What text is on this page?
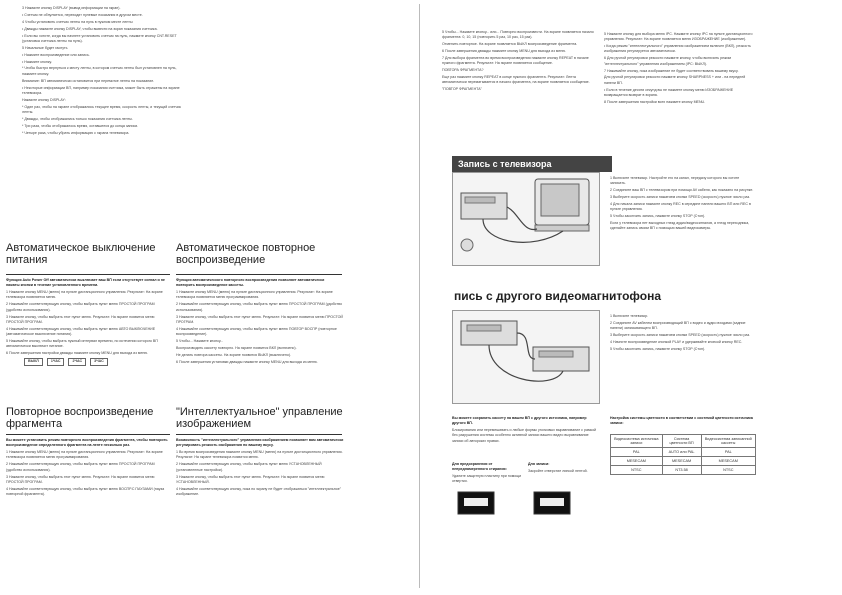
3 Нажмите кнопку DISPLAY (вывод информации на экран).

• Счетчик не обнуляется, переходит нулевые показания в другом месте.

4 Чтобы установить счетчик ленты на нуль в нужном месте ленты

• Дважды нажмите кнопку DISPLAY, чтобы вывести на экран показания счетчика.

• Если вы хотите, когда вы начнете установить счетчик на нуль, нажмите кнопку CNT.RESET (установка счетчика ленты на нуль).

5 Начальные будет гаснуть

• Нажмите воспроизведение или запись.

• Нажмите кнопку.

* Чтобы быстро вернуться к месту ленты, в котором счетчик ленты был установлен на нуль, нажмите кнопку.

Внимание: ВП автоматически остановится при перемотке ленты на показание.

• Некоторые информации ВП, например показания счетчика, может быть отражены на экране телевизора.

Нажмите кнопку DISPLAY:

* Один раз, чтобы на экране отображались текущее время, скорость ленты, и текущий счетчик ленты.

* Дважды, чтобы отображались только показания счетчика ленты.

* Три раза, чтобы отображалось время, оставшееся до конца записи.

* Четыре раза, чтобы убрать информацию с экрана телевизора.

Автоматическое выключение питания

Функция Auto Power Off автоматически выключает ваш ВП если отсутствует сигнал и не нажаты кнопки в течение установленного времени.

1 Нажмите кнопку MENU (меню) на пульте дистанционного управления. Результат: На экране телевизора появляется меню.

2 Нажимайте соответствующую кнопку, чтобы выбрать пункт меню ПРОСТОЙ ПРОГРАМ (удобство использования).

3 Нажмите кнопку, чтобы выбрать этот пункт меню. Результат: На экране появится меню ПРОСТОЙ ПРОГРАМ.

4 Нажимайте соответствующую кнопку, чтобы выбрать пункт меню АВТО ВЫКЛЮЧЕНИЕ (автоматическое выключение питания).

5 Нажимайте кнопку, чтобы выбрать нужный интервал времени, по истечении которого ВП автоматически выключит питание.

6 После завершения настройки дважды нажмите кнопку MENU для выхода из меню.

ВЫКЛ	1ЧАС	2ЧАС	3ЧАС
Автоматическое повторное воспроизведение

Функция автоматического повторного воспроизведения позволяет автоматически повторить воспроизведение кассеты.

1 Нажмите кнопку MENU (меню) на пульте дистанционного управления. Результат: На экране телевизора появляется меню программирования.

2 Нажимайте соответствующую кнопку, чтобы выбрать пункт меню ПРОСТОЙ ПРОГРАМ (удобство использования).

3 Нажмите кнопку, чтобы выбрать этот пункт меню. Результат: На экране появится меню ПРОСТОЙ ПРОГРАМ.

4 Нажимайте соответствующую кнопку, чтобы выбрать пункт меню ПОВТОР ВОСПР (повторное воспроизведение).

5 Чтобы... Нажмите кнопку...

Воспроизводить кассету повторно. На экране появится ВКЛ (включено).

Не делать повтора кассеты. На экране появится ВЫКЛ (выключено).

6 После завершения установки дважды нажмите кнопку MENU для выхода из меню.

Повторное воспроизведение фрагмента

Вы можете установить режим повторного воспроизведения фрагмента, чтобы повторить воспроизведение определенного фрагмента на ленте несколько раз.

1 Нажмите кнопку MENU (меню) на пульте дистанционного управления. Результат: На экране телевизора появляется меню программирования.

2 Нажимайте соответствующую кнопку, чтобы выбрать пункт меню ПРОСТОЙ ПРОГРАМ (удобство использования).

3 Нажмите кнопку, чтобы выбрать этот пункт меню. Результат: На экране появится меню ПРОСТОЙ ПРОГРАМ.

4 Нажимайте соответствующую кнопку, чтобы выбрать пункт меню ВОСПР.С ПАУЗАМИ (пауза повторной фрагмента).

"Интеллектуальное" управление изображением

Возможность "интеллектуального" управления изображением позволяет вам автоматически регулировать резкость изображения по вашему вкусу.

1 Во время воспроизведения нажмите кнопку MENU (меню) на пульте дистанционного управления. Результат: На экране телевизора появится меню.

2 Нажимайте соответствующую кнопку, чтобы выбрать пункт меню УСТАНОВЛЕННЫЙ (установленные настройки).

3 Нажмите кнопку, чтобы выбрать этот пункт меню. Результат: На экране появится меню УСТАНОВЛЕННЫЙ.

4 Нажимайте соответствующую кнопку, пока по экрану не будет отображаться "интеллектуальное" изображение.

5 Чтобы... Нажмите кнопку... или... Повторно воспроизвести. На экране появляется начало фрагмента: 0, 10, 15 (повторить 5 раз, 10 раз, 15 раз).

Отменить повторное. На экране появляется ВЫКЛ воспроизведение фрагмента.

6 После завершения дважды нажмите кнопку MENU для выхода из меню.

7 Для выбора фрагмента во время воспроизведения нажмите кнопку REPEAT в начале нужного фрагмента. Результат: На экране появляется сообщение.

ПОВТОРА ФРАГМЕНТА?

Еще раз нажмите кнопку REPEAT в конце нужного фрагмента. Результат: Лента автоматически перематывается в начало фрагмента, на экране появляется сообщение.

"ПОВТОР ФРАГМЕНТА"

5 Нажмите кнопку для выбора меню IPC. Нажмите кнопку IPC на пульте дистанционного управления. Результат: На экране появляется меню ИЗОБРАЖЕНИЕ (изображение).

• Когда режим "интеллектуального" управления изображением включен (ВКЛ), резкость изображения регулируется автоматически.

6 Для ручной регулировки резкости нажмите кнопку, чтобы включить режим "интеллектуального" управления изображением (IPC: ВЫКЛ).

7 Нажимайте кнопку, пока изображение не будет соответствовать вашему вкусу.

Для ручной регулировки резкости нажмите кнопку SHARPNESS + или - на передней панели ВП.

• Если в течение десяти секунд вы не нажмете кнопку меню ИЗОБРАЖЕНИЕ возвращается возврат в экрана.

8 После завершения настройки всех нажмите кнопку MENU.

Запись с телевизора

1 Включите телевизор. Настройте его на канал, передачу которого вы хотите записать.

2 Соедините ваш ВП с телевизором при помощи AV кабеля, как показано на рисунке.

3 Выберите скорость записи нажатием кнопки SPEED (скорость) нужное число раз.

4 Для начала записи нажмите кнопку REC в середине панели вашего ВП или REC в пульте управления.

5 Чтобы закончить запись, нажмите кнопку STOP (Стоп).

Если у телевизора нет выходных гнезд аудио/видеосигналов, а гнезд переходника, сделайте запись своим ВП с помощью вашей видеокамеры.

пись с другого видеомагнитофона

1 Включите телевизор.

2 Соедините AV кабелем воспроизводящий ВП с видео и аудио входами (задние панели) записывающего ВП.

3 Выберите скорость записи нажатием кнопки SPEED (скорость) нужное число раз.

4 Начните воспроизведение кнопкой PLAY и удерживайте кнопкой кнопку REC.

5 Чтобы закончить запись, нажмите кнопку STOP (Стоп).

Вы можете сохранить кассету на вашем ВП с другого источника, например другого ВП.

Блокирования или перемешивать и любые формы уголковых выравнивание с рамкой без разрушения системы особенно активной записи вашего видео выравнивание записи об авторских правах.

Для предохранения от непреднамеренного стирания:

Удалите защитную пластину при помощи отвертки.

Для записи:

Закройте отверстие липкой лентой.

Настройка системы цветности в соответствии с системой цветности источника записи:
Видеосистема источника записи	Система цветности ВП	Видеосистема записанной кассеты
PAL	AUTO или PAL	PAL
MESECAM	MESECAM	MESECAM
NTSC	NT3.58	NTSC
